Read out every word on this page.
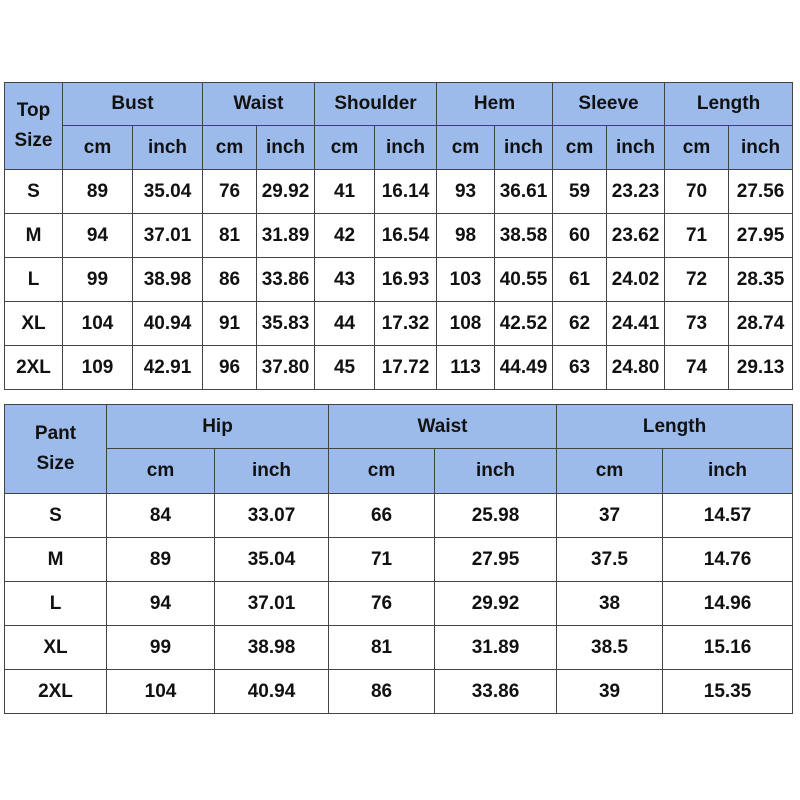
Top
Size	Bust		Waist		Shoulder		Hem		Sleeve		Length	
	cm	inch	cm	inch	cm	inch	cm	inch	cm	inch	cm	inch
S	89	35.04	76	29.92	41	16.14	93	36.61	59	23.23	70	27.56
M	94	37.01	81	31.89	42	16.54	98	38.58	60	23.62	71	27.95
L	99	38.98	86	33.86	43	16.93	103	40.55	61	24.02	72	28.35
XL	104	40.94	91	35.83	44	17.32	108	42.52	62	24.41	73	28.74
2XL	109	42.91	96	37.80	45	17.72	113	44.49	63	24.80	74	29.13
Pant
Size	Hip		Waist		Length	
	cm	inch	cm	inch	cm	inch
S	84	33.07	66	25.98	37	14.57
M	89	35.04	71	27.95	37.5	14.76
L	94	37.01	76	29.92	38	14.96
XL	99	38.98	81	31.89	38.5	15.16
2XL	104	40.94	86	33.86	39	15.35
